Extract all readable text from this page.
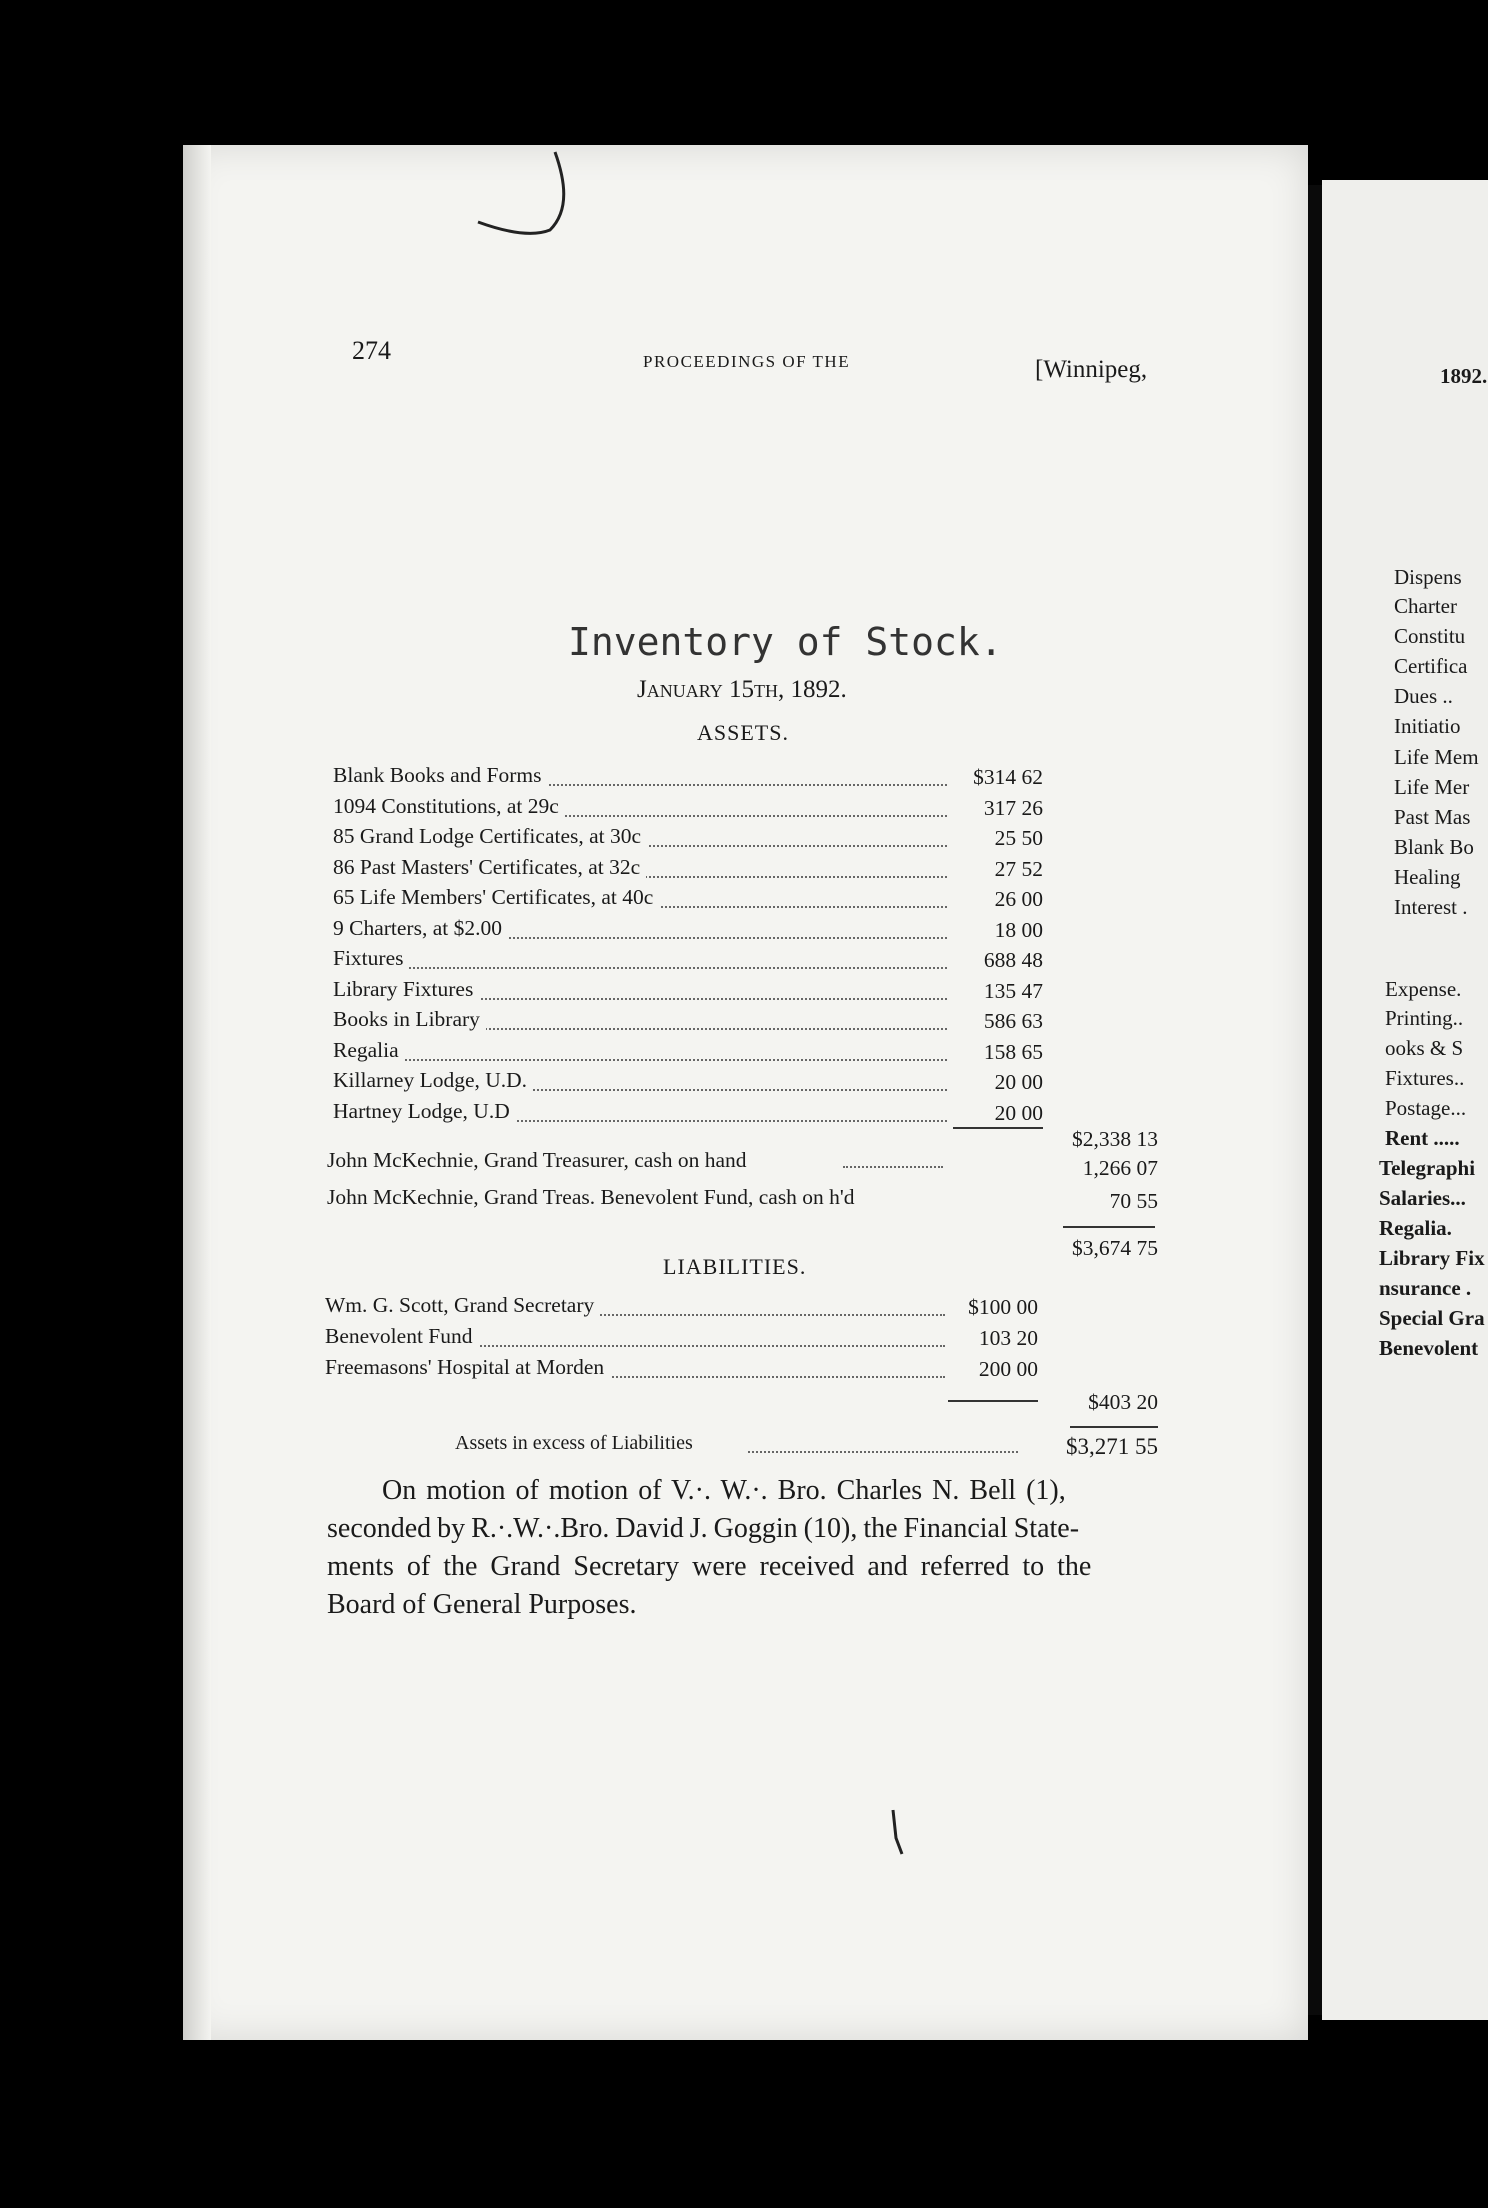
274	PROCEEDINGS OF THE	[Winnipeg,
Inventory of Stock.
January 15th, 1892.
ASSETS.
Blank Books and Forms	$314 62
1094 Constitutions, at 29c	317 26
85 Grand Lodge Certificates, at 30c	25 50
86 Past Masters' Certificates, at 32c	27 52
65 Life Members' Certificates, at 40c	26 00
9 Charters, at $2.00	18 00
Fixtures	688 48
Library Fixtures	135 47
Books in Library	586 63
Regalia	158 65
Killarney Lodge, U.D.	20 00
Hartney Lodge, U.D	20 00
$2,338 13
John McKechnie, Grand Treasurer, cash on hand	1,266 07
John McKechnie, Grand Treas. Benevolent Fund, cash on h'd	70 55
$3,674 75
LIABILITIES.
Wm. G. Scott, Grand Secretary	$100 00
Benevolent Fund	103 20
Freemasons' Hospital at Morden	200 00
$403 20
Assets in excess of Liabilities	$3,271 55
On motion of motion of V.·. W.·. Bro. Charles N. Bell (1),
seconded by R.·.W.·.Bro. David J. Goggin (10), the Financial State-
ments of the Grand Secretary were received and referred to the
Board of General Purposes.
1892.
Dispens
Charter
Constitu
Certifica
Dues ..
Initiatio
Life Mem
Life Mer
Past Mas
Blank Bo
Healing
Interest .
Expense.
Printing..
ooks & S
Fixtures..
Postage...
Rent .....
Telegraphi
Salaries...
Regalia.
Library Fix
nsurance .
Special Gra
Benevolent
